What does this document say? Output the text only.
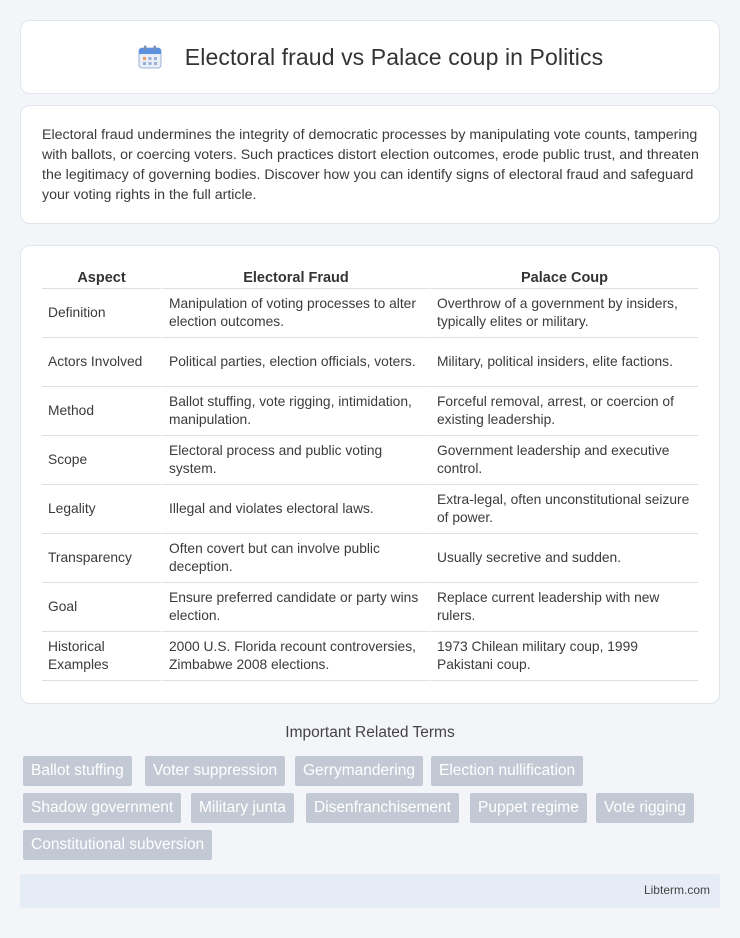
Electoral fraud vs Palace coup in Politics

Electoral fraud undermines the integrity of democratic processes by manipulating vote counts, tampering with ballots, or coercing voters. Such practices distort election outcomes, erode public trust, and threaten the legitimacy of governing bodies. Discover how you can identify signs of electoral fraud and safeguard your voting rights in the full article.

Aspect	Electoral Fraud	Palace Coup
Definition	Manipulation of voting processes to alter election outcomes.	Overthrow of a government by insiders, typically elites or military.
Actors Involved	Political parties, election officials, voters.	Military, political insiders, elite factions.
Method	Ballot stuffing, vote rigging, intimidation, manipulation.	Forceful removal, arrest, or coercion of existing leadership.
Scope	Electoral process and public voting system.	Government leadership and executive control.
Legality	Illegal and violates electoral laws.	Extra-legal, often unconstitutional seizure of power.
Transparency	Often covert but can involve public deception.	Usually secretive and sudden.
Goal	Ensure preferred candidate or party wins election.	Replace current leadership with new rulers.
Historical Examples	2000 U.S. Florida recount controversies, Zimbabwe 2008 elections.	1973 Chilean military coup, 1999 Pakistani coup.
Important Related Terms
Ballot stuffing	Voter suppression	Gerrymandering	Election nullification
Shadow government	Military junta	Disenfranchisement	Puppet regime	Vote rigging
Constitutional subversion
Libterm.com
